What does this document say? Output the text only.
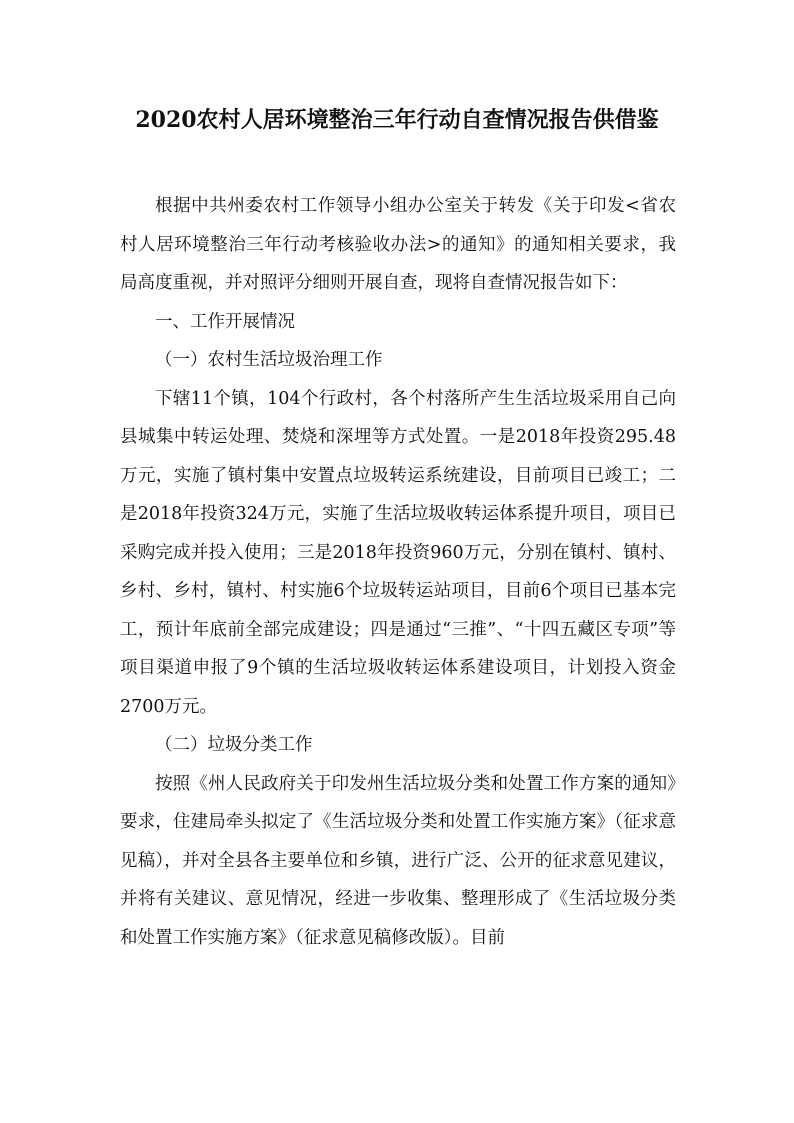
2020农村人居环境整治三年行动自查情况报告供借鉴

根据中共州委农村工作领导小组办公室关于转发《关于印发<省农村人居环境整治三年行动考核验收办法>的通知》的通知相关要求，我局高度重视，并对照评分细则开展自查，现将自查情况报告如下：

一、工作开展情况

（一）农村生活垃圾治理工作

下辖11个镇，104个行政村，各个村落所产生生活垃圾采用自己向县城集中转运处理、焚烧和深埋等方式处置。一是2018年投资295.48万元，实施了镇村集中安置点垃圾转运系统建设，目前项目已竣工；二是2018年投资324万元，实施了生活垃圾收转运体系提升项目，项目已采购完成并投入使用；三是2018年投资960万元，分别在镇村、镇村、乡村、乡村，镇村、村实施6个垃圾转运站项目，目前6个项目已基本完工，预计年底前全部完成建设；四是通过“三推”、“十四五藏区专项”等项目渠道申报了9个镇的生活垃圾收转运体系建设项目，计划投入资金2700万元。

（二）垃圾分类工作

按照《州人民政府关于印发州生活垃圾分类和处置工作方案的通知》要求，住建局牵头拟定了《生活垃圾分类和处置工作实施方案》（征求意见稿），并对全县各主要单位和乡镇，进行广泛、公开的征求意见建议，并将有关建议、意见情况，经进一步收集、整理形成了《生活垃圾分类和处置工作实施方案》（征求意见稿修改版）。目前
